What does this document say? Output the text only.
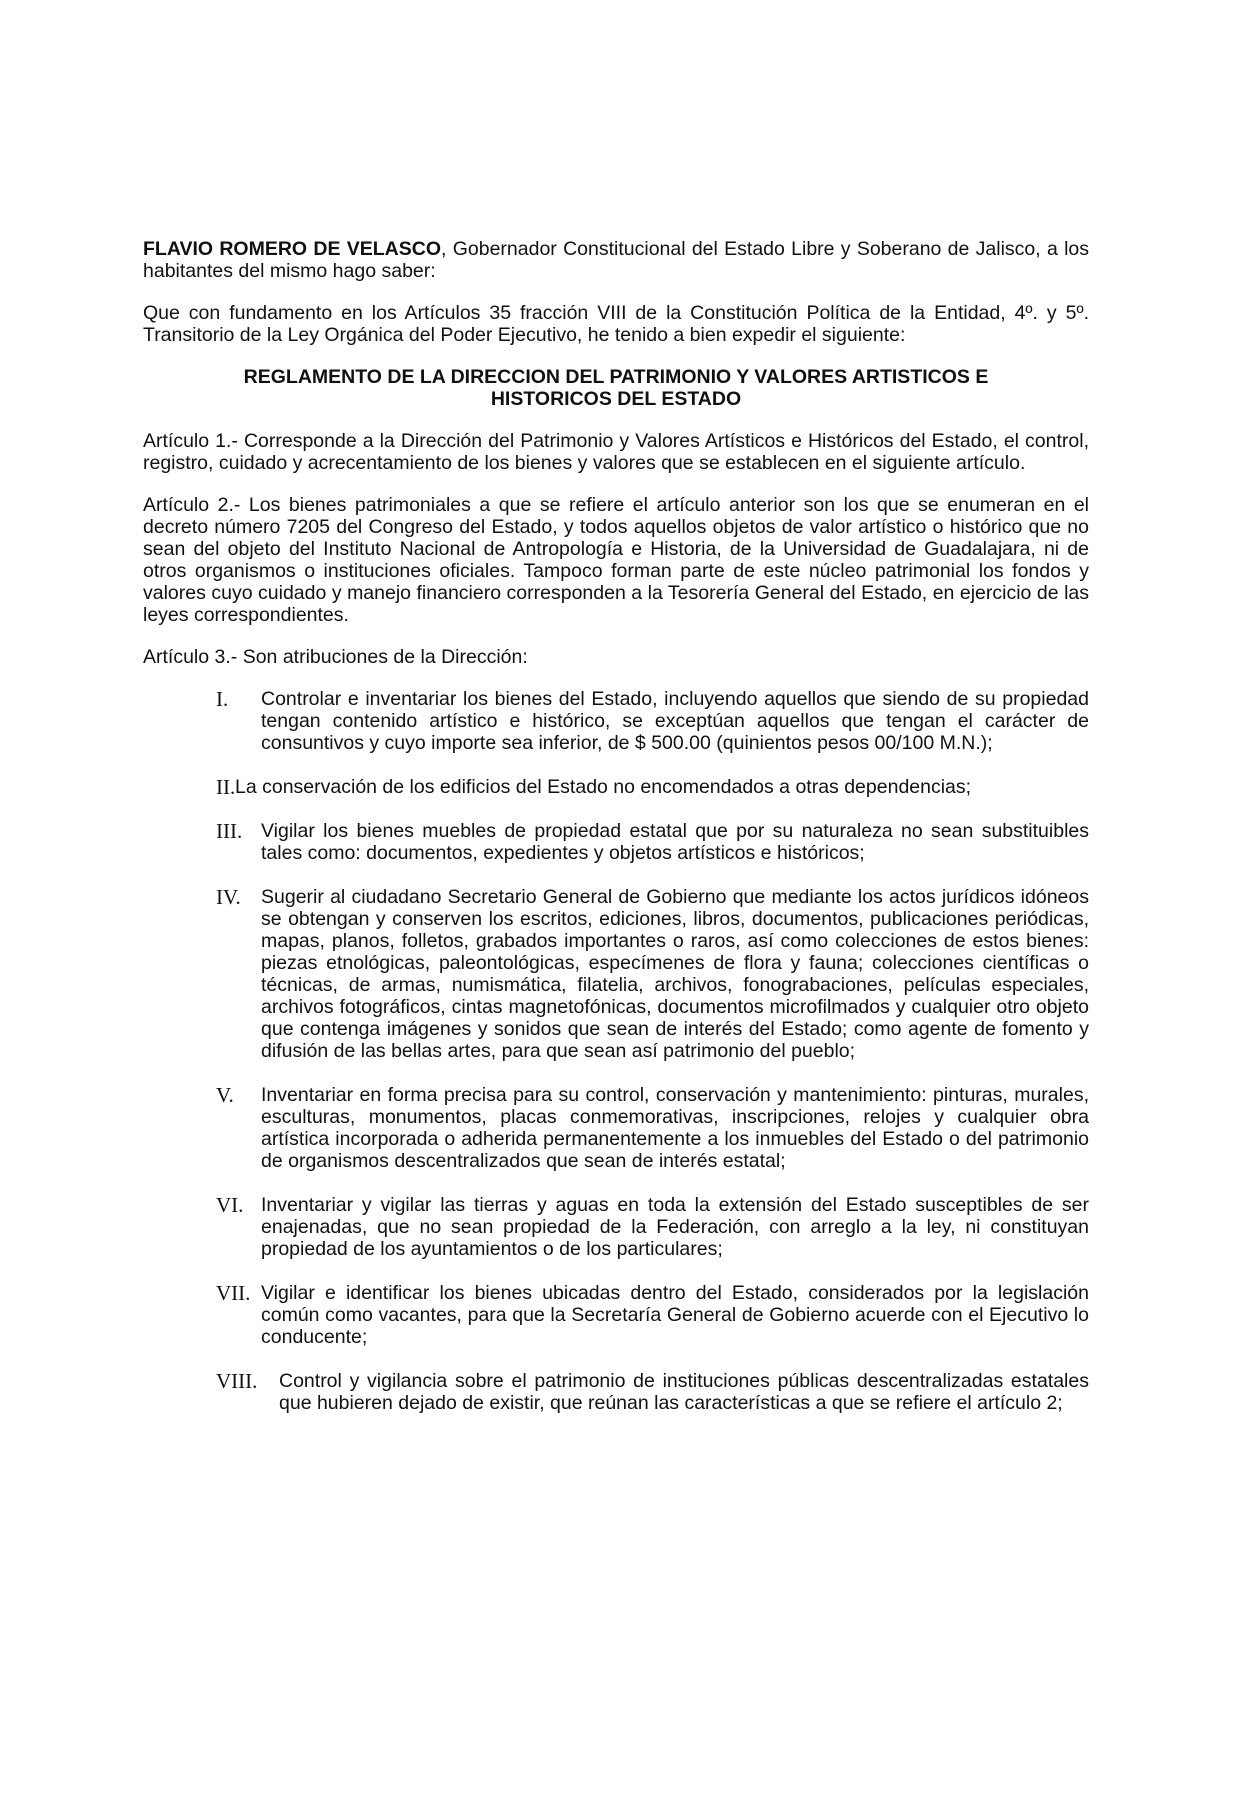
FLAVIO ROMERO DE VELASCO, Gobernador Constitucional del Estado Libre y Soberano de Jalisco, a los habitantes del mismo hago saber:

Que con fundamento en los Artículos 35 fracción VIII de la Constitución Política de la Entidad, 4º. y 5º. Transitorio de la Ley Orgánica del Poder Ejecutivo, he tenido a bien expedir el siguiente:

REGLAMENTO DE LA DIRECCION DEL PATRIMONIO Y VALORES ARTISTICOS E
HISTORICOS DEL ESTADO

Artículo 1.- Corresponde a la Dirección del Patrimonio y Valores Artísticos e Históricos del Estado, el control, registro, cuidado y acrecentamiento de los bienes y valores que se establecen en el siguiente artículo.

Artículo 2.- Los bienes patrimoniales a que se refiere el artículo anterior son los que se enumeran en el decreto número 7205 del Congreso del Estado, y todos aquellos objetos de valor artístico o histórico que no sean del objeto del Instituto Nacional de Antropología e Historia, de la Universidad de Guadalajara, ni de otros organismos o instituciones oficiales. Tampoco forman parte de este núcleo patrimonial los fondos y valores cuyo cuidado y manejo financiero corresponden a la Tesorería General del Estado, en ejercicio de las leyes correspondientes.

Artículo 3.- Son atribuciones de la Dirección:

I. Controlar e inventariar los bienes del Estado, incluyendo aquellos que siendo de su propiedad tengan contenido artístico e histórico, se exceptúan aquellos que tengan el carácter de consuntivos y cuyo importe sea inferior, de $ 500.00 (quinientos pesos 00/100 M.N.);
II. La conservación de los edificios del Estado no encomendados a otras dependencias;
III. Vigilar los bienes muebles de propiedad estatal que por su naturaleza no sean substituibles tales como: documentos, expedientes y objetos artísticos e históricos;
IV. Sugerir al ciudadano Secretario General de Gobierno que mediante los actos jurídicos idóneos se obtengan y conserven los escritos, ediciones, libros, documentos, publicaciones periódicas, mapas, planos, folletos, grabados importantes o raros, así como colecciones de estos bienes: piezas etnológicas, paleontológicas, especímenes de flora y fauna; colecciones científicas o técnicas, de armas, numismática, filatelia, archivos, fonograbaciones, películas especiales, archivos fotográficos, cintas magnetofónicas, documentos microfilmados y cualquier otro objeto que contenga imágenes y sonidos que sean de interés del Estado; como agente de fomento y difusión de las bellas artes, para que sean así patrimonio del pueblo;
V. Inventariar en forma precisa para su control, conservación y mantenimiento: pinturas, murales, esculturas, monumentos, placas conmemorativas, inscripciones, relojes y cualquier obra artística incorporada o adherida permanentemente a los inmuebles del Estado o del patrimonio de organismos descentralizados que sean de interés estatal;
VI. Inventariar y vigilar las tierras y aguas en toda la extensión del Estado susceptibles de ser enajenadas, que no sean propiedad de la Federación, con arreglo a la ley, ni constituyan propiedad de los ayuntamientos o de los particulares;
VII. Vigilar e identificar los bienes ubicadas dentro del Estado, considerados por la legislación común como vacantes, para que la Secretaría General de Gobierno acuerde con el Ejecutivo lo conducente;
VIII. Control y vigilancia sobre el patrimonio de instituciones públicas descentralizadas estatales que hubieren dejado de existir, que reúnan las características a que se refiere el artículo 2;
